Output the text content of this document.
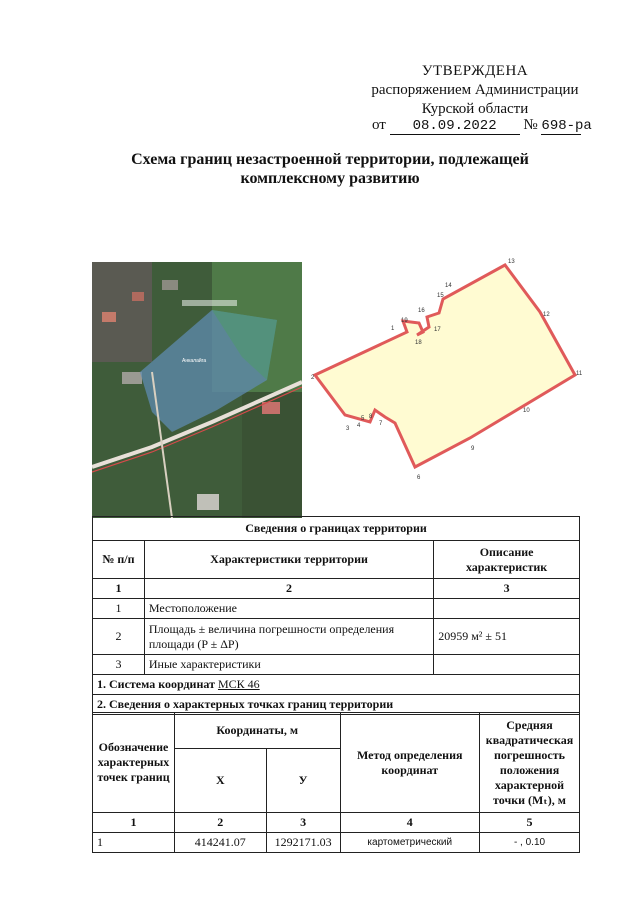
УТВЕРЖДЕНА
распоряжением Администрации
Курской области
от 08.09.2022 № 698-ра
Схема границ незастроенной территории, подлежащей комплексному развитию
Анкалайга
1
2
3 4
5
6
7
8
9
10
11
12
13
14
15
16
17
18
19
Сведения о границах территории		
№ п/п	Характеристики территории	Описание характеристик
1	2	3
1	Местоположение	
2	Площадь ± величина погрешности определения площади (P ± ΔP)	20959 м² ± 51
3	Иные характеристики	
1. Система координат МСК 46		
2. Сведения о характерных точках границ территории		
Обозначение характерных точек границ	Координаты, м		Метод определения координат	Средняя квадратическая погрешность положения характерной точки (Mₜ), м
	Х	У		
1	2	3	4	5
1	414241.07	1292171.03	картометрический	- , 0.10
